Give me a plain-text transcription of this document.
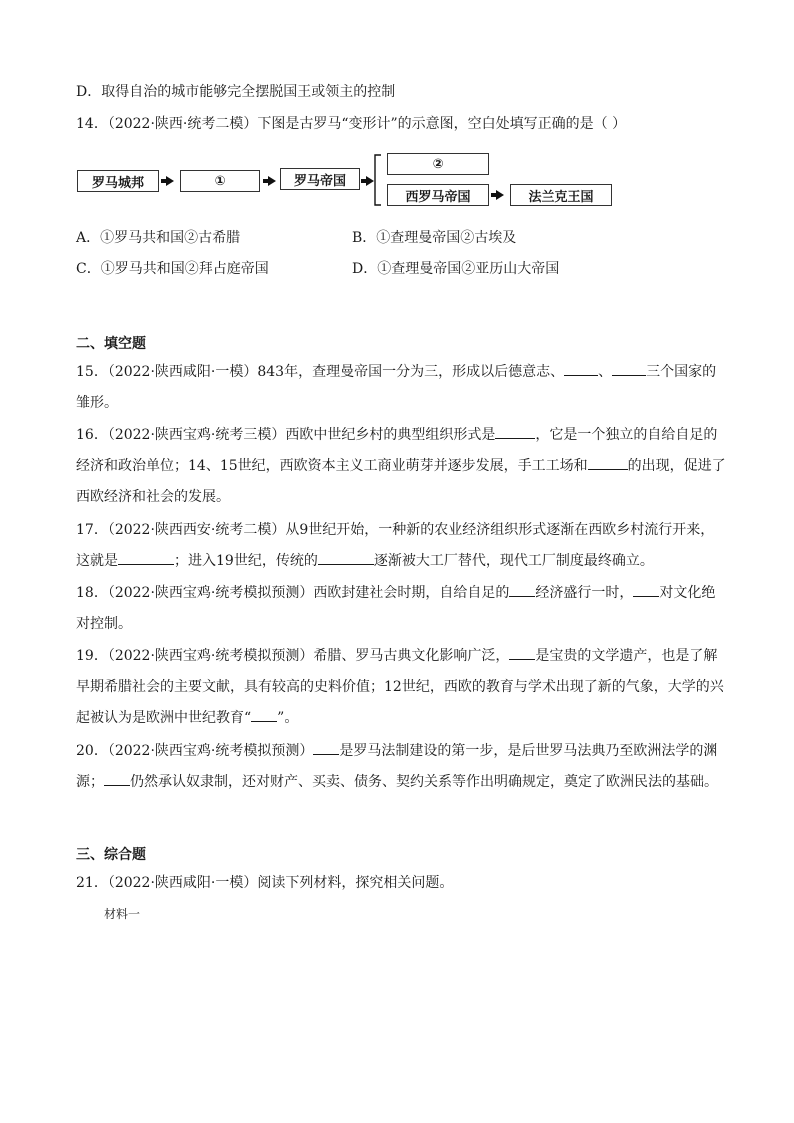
D．取得自治的城市能够完全摆脱国王或领主的控制
14．（2022·陕西·统考二模）下图是古罗马“变形计”的示意图，空白处填写正确的是（ ）
罗马城邦	①	罗马帝国
②
西罗马帝国	法兰克王国
A．①罗马共和国②古希腊	B．①查理曼帝国②古埃及
C．①罗马共和国②拜占庭帝国	D．①查理曼帝国②亚历山大帝国
二、填空题
15．（2022·陕西咸阳·一模）843年，查理曼帝国一分为三，形成以后德意志、 、 三个国家的雏形。
16．（2022·陕西宝鸡·统考三模）西欧中世纪乡村的典型组织形式是	，它是一个独立的自给自足的经济和政治单位；14、15世纪，西欧资本主义工商业萌芽并逐步发展，手工工场和	的出现，促进了西欧经济和社会的发展。
17．（2022·陕西西安·统考二模）从9世纪开始，一种新的农业经济组织形式逐渐在西欧乡村流行开来，这就是	；进入19世纪，传统的	逐渐被大工厂替代，现代工厂制度最终确立。
18．（2022·陕西宝鸡·统考模拟预测）西欧封建社会时期，自给自足的 经济盛行一时， 对文化绝对控制。
19．（2022·陕西宝鸡·统考模拟预测）希腊、罗马古典文化影响广泛， 是宝贵的文学遗产，也是了解早期希腊社会的主要文献，具有较高的史料价值；12世纪，西欧的教育与学术出现了新的气象，大学的兴起被认为是欧洲中世纪教育“ ”。
20．（2022·陕西宝鸡·统考模拟预测） 是罗马法制建设的第一步，是后世罗马法典乃至欧洲法学的渊源； 仍然承认奴隶制，还对财产、买卖、债务、契约关系等作出明确规定，奠定了欧洲民法的基础。
三、综合题
21．（2022·陕西咸阳·一模）阅读下列材料，探究相关问题。
材料一
